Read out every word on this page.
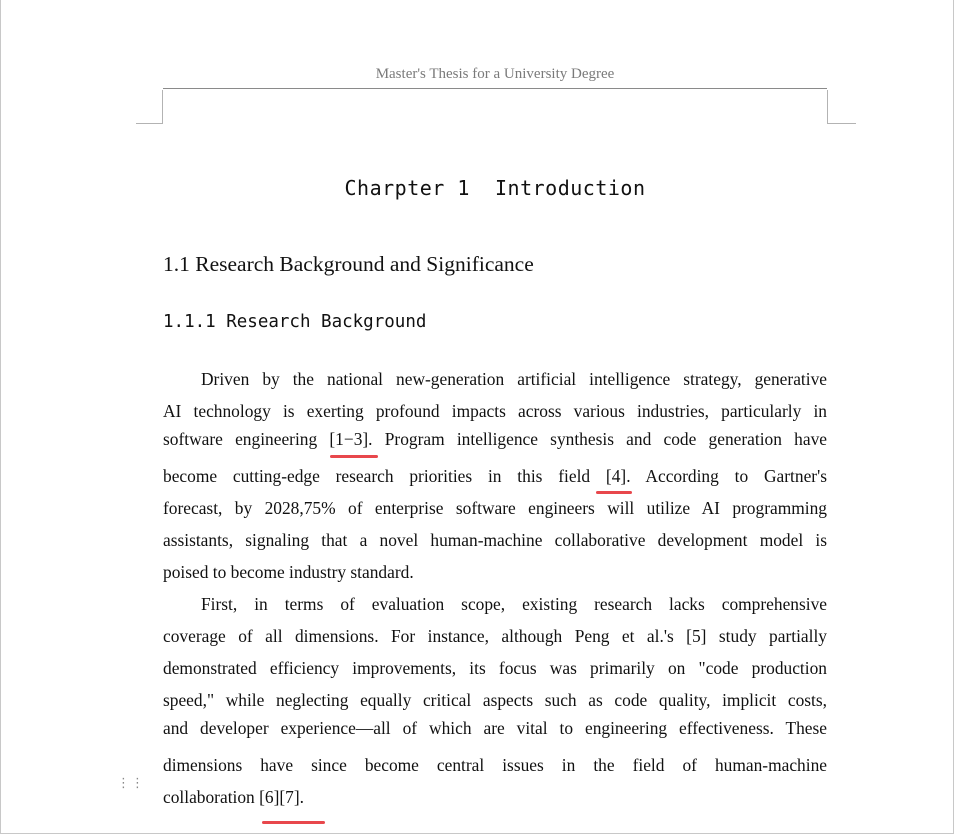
Master's Thesis for a University Degree
Charpter 1  Introduction
1.1 Research Background and Significance
1.1.1 Research Background
Driven by the national new-generation artificial intelligence strategy, generative
AI technology is exerting profound impacts across various industries, particularly in
software engineering [1−3]. Program intelligence synthesis and code generation have
become cutting-edge research priorities in this field [4]. According to Gartner's
forecast, by 2028,75% of enterprise software engineers will utilize AI programming
assistants, signaling that a novel human-machine collaborative development model is
poised to become industry standard.
First, in terms of evaluation scope, existing research lacks comprehensive
coverage of all dimensions. For instance, although Peng et al.'s [5] study partially
demonstrated efficiency improvements, its focus was primarily on "code production
speed," while neglecting equally critical aspects such as code quality, implicit costs,
and developer experience—all of which are vital to engineering effectiveness. These
dimensions have since become central issues in the field of human-machine
collaboration [6][7].
⋮⋮
